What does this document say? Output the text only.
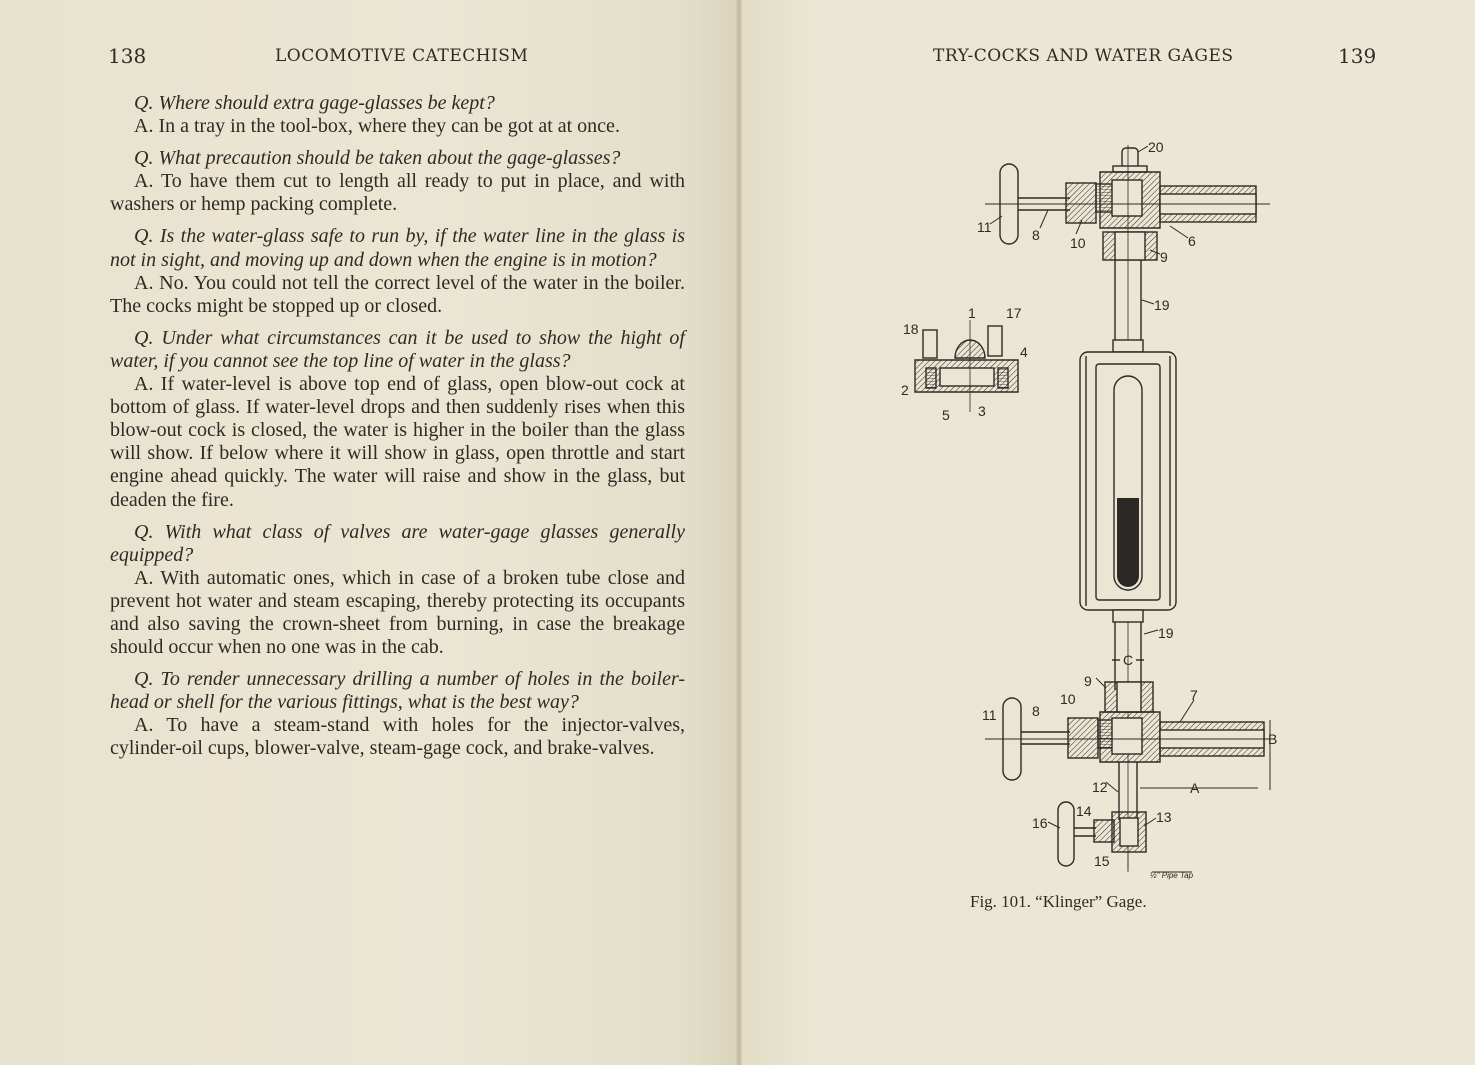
138	LOCOMOTIVE CATECHISM
Q. Where should extra gage-glasses be kept?
A. In a tray in the tool-box, where they can be got at at once.
Q. What precaution should be taken about the gage-glasses?
A. To have them cut to length all ready to put in place, and with washers or hemp packing complete.
Q. Is the water-glass safe to run by, if the water line in the glass is not in sight, and moving up and down when the engine is in motion?
A. No. You could not tell the correct level of the water in the boiler. The cocks might be stopped up or closed.
Q. Under what circumstances can it be used to show the hight of water, if you cannot see the top line of water in the glass?
A. If water-level is above top end of glass, open blow-out cock at bottom of glass. If water-level drops and then suddenly rises when this blow-out cock is closed, the water is higher in the boiler than the glass will show. If below where it will show in glass, open throttle and start engine ahead quickly. The water will raise and show in the glass, but deaden the fire.
Q. With what class of valves are water-gage glasses generally equipped?
A. With automatic ones, which in case of a broken tube close and prevent hot water and steam escaping, thereby protecting its occupants and also saving the crown-sheet from burning, in case the breakage should occur when no one was in the cab.
Q. To render unnecessary drilling a number of holes in the boiler-head or shell for the various fittings, what is the best way?
A. To have a steam-stand with holes for the injector-valves, cylinder-oil cups, blower-valve, steam-gage cock, and brake-valves.
TRY-COCKS AND WATER GAGES	139
20
11	8 10	6
9
19
18
1 17
4
2
5 3
19
C
9
10	7
11	8
B
12	A
14
16	13
15
½" Pipe Tap
Fig. 101. “Klinger” Gage.
